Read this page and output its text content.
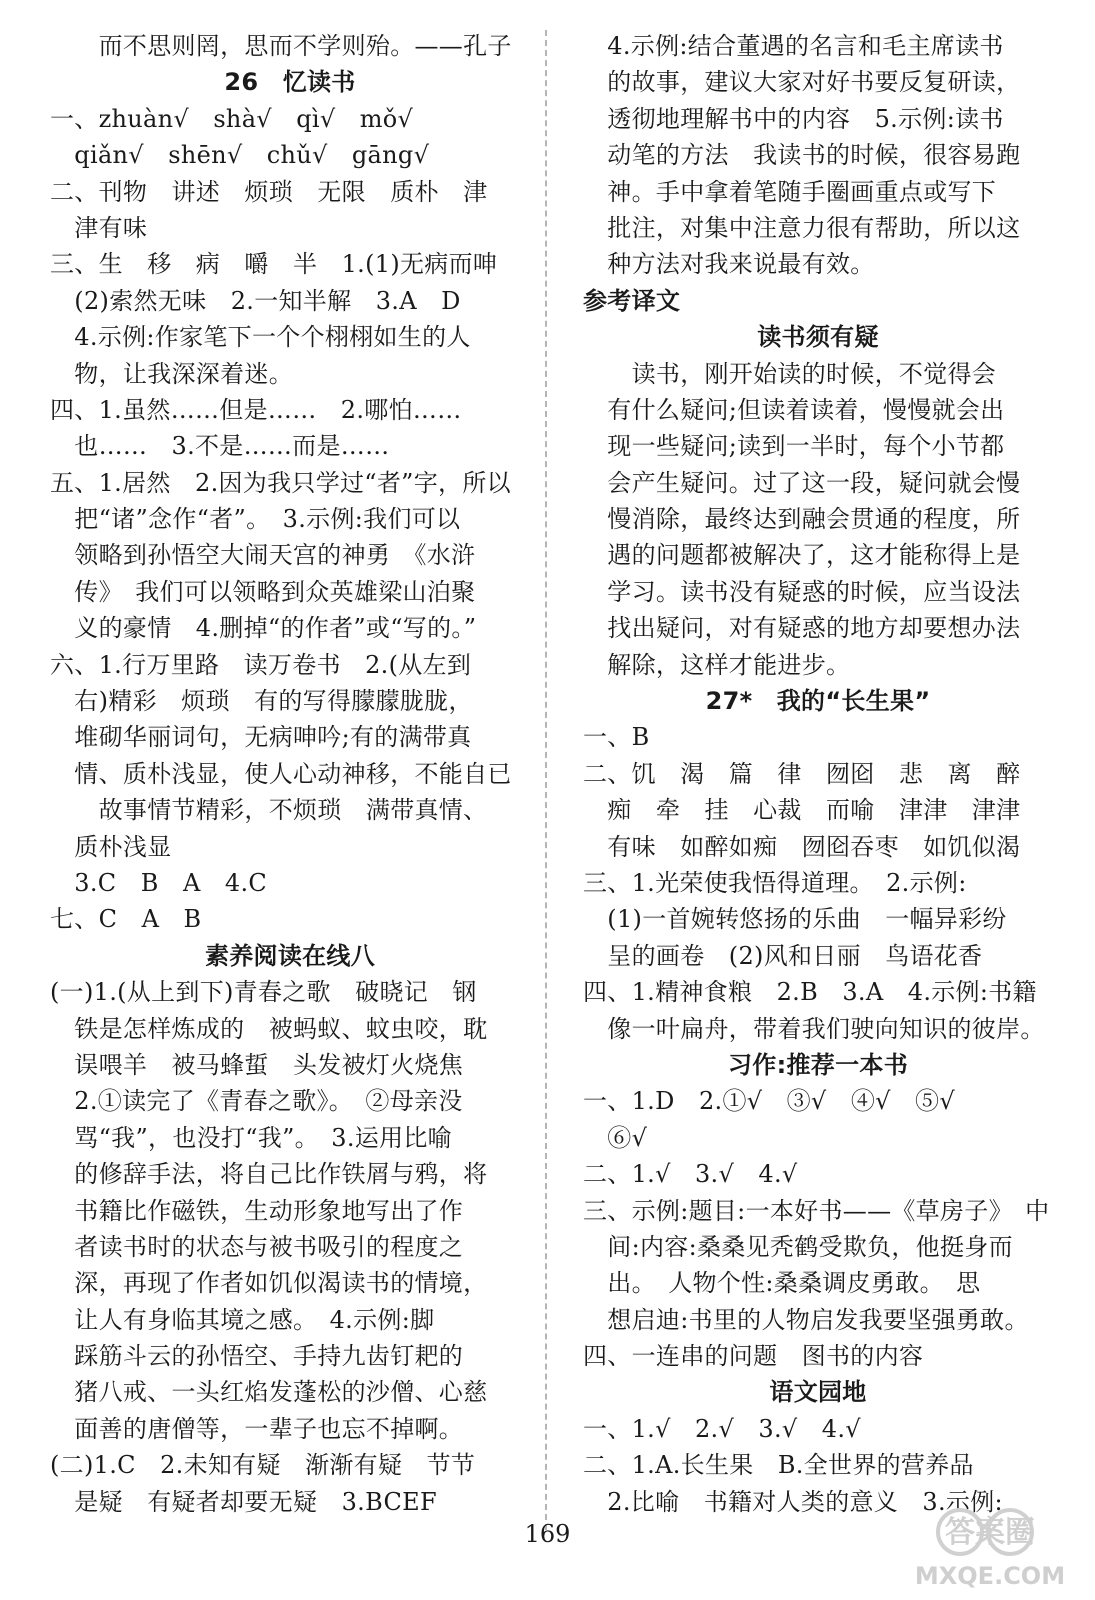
　　而不思则罔，思而不学则殆。——孔子
26　忆读书
一、zhuàn√　shà√　qì√　mǒ√
　qiǎn√　shēn√　chǔ√　gāng√
二、刊物　讲述　烦琐　无限　质朴　津
　津有味
三、生　移　病　嚼　半　1.(1)无病而呻
　(2)索然无味　2.一知半解　3.A　D
　4.示例:作家笔下一个个栩栩如生的人
　物，让我深深着迷。
四、1.虽然……但是……　2.哪怕……
　也……　3.不是……而是……
五、1.居然　2.因为我只学过“者”字，所以
　把“诸”念作“者”。　3.示例:我们可以
　领略到孙悟空大闹天宫的神勇　《水浒
　传》　我们可以领略到众英雄梁山泊聚
　义的豪情　4.删掉“的作者”或“写的。”
六、1.行万里路　读万卷书　2.(从左到
　右)精彩　烦琐　有的写得朦朦胧胧，
　堆砌华丽词句，无病呻吟;有的满带真
　情、质朴浅显，使人心动神移，不能自已
　　故事情节精彩，不烦琐　满带真情、
　质朴浅显
　3.C　B　A　4.C
七、C　A　B
素养阅读在线八
(一)1.(从上到下)青春之歌　破晓记　钢
　铁是怎样炼成的　被蚂蚁、蚊虫咬，耽
　误喂羊　被马蜂蜇　头发被灯火烧焦
　2.①读完了《青春之歌》。　②母亲没
　骂“我”，也没打“我”。　3.运用比喻
　的修辞手法，将自己比作铁屑与鸦，将
　书籍比作磁铁，生动形象地写出了作
　者读书时的状态与被书吸引的程度之
　深，再现了作者如饥似渴读书的情境，
　让人有身临其境之感。　4.示例:脚
　踩筋斗云的孙悟空、手持九齿钉耙的
　猪八戒、一头红焰发蓬松的沙僧、心慈
　面善的唐僧等，一辈子也忘不掉啊。
(二)1.C　2.未知有疑　渐渐有疑　节节
　是疑　有疑者却要无疑　3.BCEF
　4.示例:结合董遇的名言和毛主席读书
　的故事，建议大家对好书要反复研读，
　透彻地理解书中的内容　5.示例:读书
　动笔的方法　我读书的时候，很容易跑
　神。手中拿着笔随手圈画重点或写下
　批注，对集中注意力很有帮助，所以这
　种方法对我来说最有效。
参考译文
读书须有疑
　　读书，刚开始读的时候，不觉得会
　有什么疑问;但读着读着，慢慢就会出
　现一些疑问;读到一半时，每个小节都
　会产生疑问。过了这一段，疑问就会慢
　慢消除，最终达到融会贯通的程度，所
　遇的问题都被解决了，这才能称得上是
　学习。读书没有疑惑的时候，应当设法
　找出疑问，对有疑惑的地方却要想办法
　解除，这样才能进步。
27*　我的“长生果”
一、B
二、饥　渴　篇　律　囫囵　悲　离　醉
　痴　牵　挂　心裁　而喻　津津　津津
　有味　如醉如痴　囫囵吞枣　如饥似渴
三、1.光荣使我悟得道理。　2.示例:
　(1)一首婉转悠扬的乐曲　一幅异彩纷
　呈的画卷　(2)风和日丽　鸟语花香
四、1.精神食粮　2.B　3.A　4.示例:书籍
　像一叶扁舟，带着我们驶向知识的彼岸。
习作:推荐一本书
一、1.D　2.①√　③√　④√　⑤√
　⑥√
二、1.√　3.√　4.√
三、示例:题目:一本好书——《草房子》　中
　间:内容:桑桑见秃鹤受欺负，他挺身而
　出。　人物个性:桑桑调皮勇敢。　思
　想启迪:书里的人物启发我要坚强勇敢。
四、一连串的问题　图书的内容
语文园地
一、1.√　2.√　3.√　4.√
二、1.A.长生果　B.全世界的营养品
　2.比喻　书籍对人类的意义　3.示例:
169	答案圈
MXQE.COM
